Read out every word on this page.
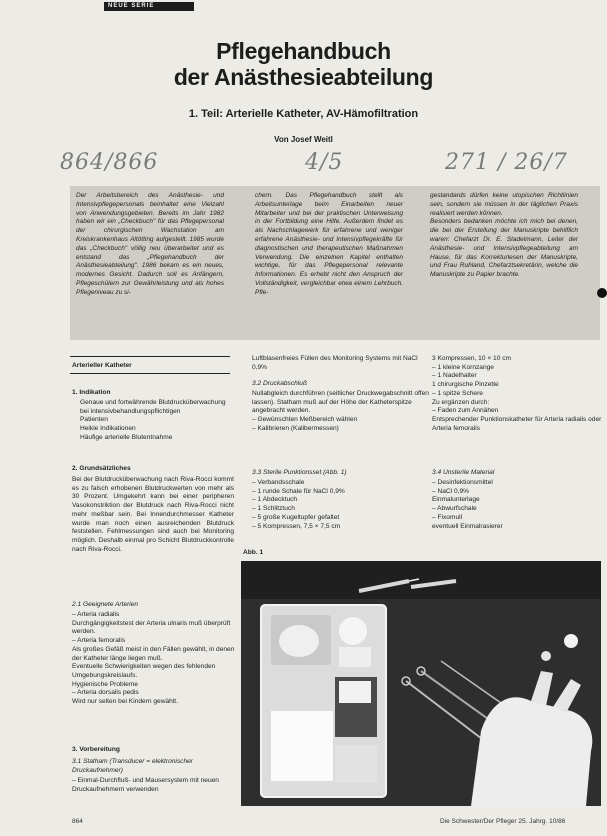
NEUE SERIE
Pflegehandbuch
der Anästhesieabteilung
1. Teil: Arterielle Katheter, AV-Hämofiltration
Von Josef Weitl
864/866	4/5	271 / 26/7
Der Arbeitsbereich des Anästhesie- und Intensivpflegepersonals beinhaltet eine Vielzahl von Anwendungsgebieten. Bereits im Jahr 1982 haben wir ein „Checkbuch" für das Pflegepersonal der chirurgischen Wachstation am Kreiskrankenhaus Altötting aufgestellt. 1985 wurde das „Checkbuch" völlig neu überarbeitet und es entstand das „Pflegehandbuch der Anästhesieabteilung". 1986 bekam es ein neues, modernes Gesicht. Dadurch soll es Anfängern, Pflegeschülern zur Gewährleistung und als hohes Pflegeniveau zu si-
chern. Das Pflegehandbuch stellt als Arbeitsunterlage beim Einarbeiten neuer Mitarbeiter und bei der praktischen Unterweisung in der Fortbildung eine Hilfe. Außerdem findet es als Nachschlagewerk für erfahrene und weniger erfahrene Anästhesie- und Intensivpflegekräfte für diagnostischen und therapeutischen Maßnahmen Verwendung. Die einzelnen Kapitel enthalten wichtige, für das Pflegepersonal relevante Informationen. Es erhebt nicht den Anspruch der Vollständigkeit, vergleichbar etwa einem Lehrbuch. Pfle-
gestandards dürfen keine utopischen Richtlinien sein, sondern sie müssen in der täglichen Praxis realisiert werden können.
Besonders bedanken möchte ich mich bei denen, die bei der Erstellung der Manuskripte behilflich waren: Chefarzt Dr. E. Stadelmann, Leiter der Anästhesie- und Intensivpflegeabteilung am Hause, für das Korrekturlesen der Manuskripte, und Frau Ruhland, Chefarztsekretärin, welche die Manuskripte zu Papier brachte.
Arterieller Katheter
1. Indikation
Genaue und fortwährende Blutdrucküberwachung bei intensivbehandlungspflichtigen
Patienten
Heikle Indikationen
Häufige arterielle Blutentnahme
2. Grundsätzliches
Bei der Blutdrucküberwachung nach Riva-Rocci kommt es zu falsch erhobenen Blutdruckwerten von mehr als 30 Prozent. Umgekehrt kann bei einer peripheren Vasokonstriktion der Blutdruck nach Riva-Rocci nicht mehr meßbar sein. Bei Innendurchmesser Katheter wurde man noch einen ausreichenden Blutdruck feststellen. Fehlmessungen sind auch bei Monitoring möglich. Deshalb einmal pro Schicht Blutdruckkontrolle nach Riva-Rocci.
2.1 Geeignete Arterien
– Arteria radialis
Durchgängigkeitstest der Arteria ulnaris muß überprüft werden.
– Arteria femoralis
Als großes Gefäß meist in den Fällen gewählt, in denen der Katheter länge liegen muß.
Eventuelle Schwierigkeiten wegen des fehlenden Umgebungskreislaufs.
Hygienische Probleme
– Arteria dorsalis pedis
Wird nur selten bei Kindern gewählt.
3. Vorbereitung
3.1 Statham (Transducer = elektronischer Druckaufnehmer)
– Einmal-Durchfluß- und Mausersystem mit neuen Druckaufnehmern verwenden
Luftblasenfreies Füllen des Monitoring Systems mit NaCl 0,9%
3.2 Druckabschluß
Nullabgleich durchführen (seitlicher Druckwegabschnitt offen lassen). Statham muß auf der Höhe der Katheterspitze angebracht werden.
– Gewünschten Meßbereich wählen
– Kalibrieren (Kalibermessen)
3.3 Sterile Punktionsset (Abb. 1)
– Verbandsschale
– 1 runde Schale für NaCl 0,9%
– 1 Abdecktuch
– 1 Schlitztuch
– 5 große Kugeltupfer gefaltet
– 5 Kompressen, 7,5 × 7,5 cm
3 Kompressen, 10 × 10 cm
– 1 kleine Kornzange
– 1 Nadelhalter
1 chirurgische Pinzette
– 1 spitze Schere
Zu ergänzen durch:
– Faden zum Annähen
Entsprechender Punktionskatheter für Arteria radialis oder Arteria femoralis
3.4 Unsterile Material
– Desinfektionsmittel
– NaCl 0,9%
Einmalunterlage
– Abwurfschale
– Fixomull
eventuell Einmalrasierer
Abb. 1
864	Die Schwester/Der Pfleger 25. Jahrg. 10/86
